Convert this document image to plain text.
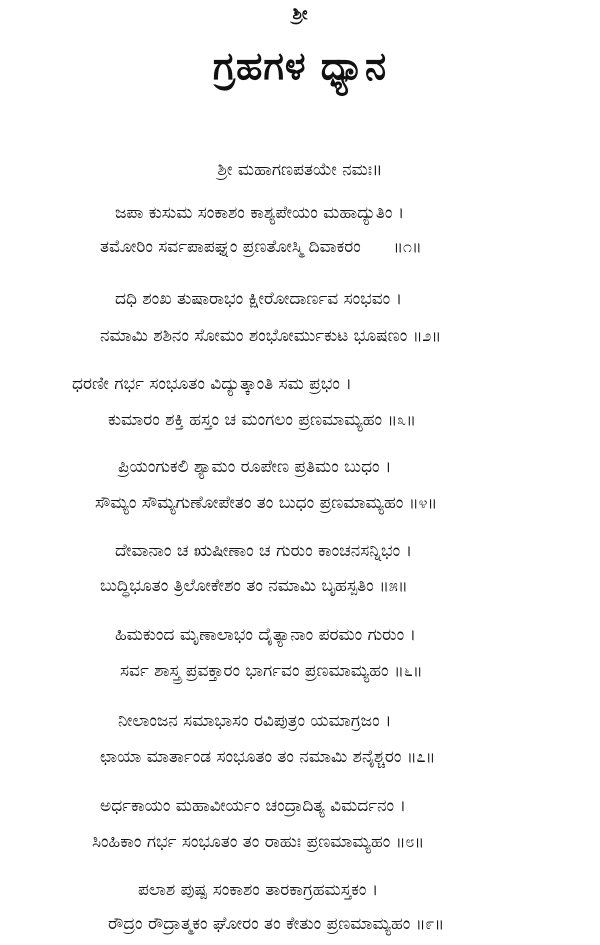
ಶ್ರೀ
ಗ್ರಹಗಳ ಧ್ಯಾನ
ಶ್ರೀ ಮಹಾಗಣಪತಯೇ ನಮಃ॥
ಜಪಾ ಕುಸುಮ ಸಂಕಾಶಂ ಕಾಶ್ಯಪೇಯಂ ಮಹಾದ್ಯುತಿಂ ।
ತಮೋರಿಂ ಸರ್ವಪಾಪಘ್ನಂ ಪ್ರಣತೋಸ್ಮಿ ದಿವಾಕರಂ ॥೧॥
ದಧಿ ಶಂಖ ತುಷಾರಾಭಂ ಕ್ಷೀರೋದಾರ್ಣವ ಸಂಭವಂ ।
ನಮಾಮಿ ಶಶಿನಂ ಸೋಮಂ ಶಂಭೋರ್ಮುಕುಟ ಭೂಷಣಂ ॥೨॥
ಧರಣೀ ಗರ್ಭ ಸಂಭೂತಂ ವಿದ್ಯುತ್ಕಾಂತಿ ಸಮ ಪ್ರಭಂ ।
ಕುಮಾರಂ ಶಕ್ತಿ ಹಸ್ತಂ ಚ ಮಂಗಲಂ ಪ್ರಣಮಾಮ್ಯಹಂ ॥೩॥
ಪ್ರಿಯಂಗುಕಲಿ ಶ್ಯಾಮಂ ರೂಪೇಣ ಪ್ರತಿಮಂ ಬುಧಂ ।
ಸೌಮ್ಯಂ ಸೌಮ್ಯಗುಣೋಪೇತಂ ತಂ ಬುಧಂ ಪ್ರಣಮಾಮ್ಯಹಂ ॥೪॥
ದೇವಾನಾಂ ಚ ಋಷೀಣಾಂ ಚ ಗುರುಂ ಕಾಂಚನಸನ್ನಿಭಂ ।
ಬುದ್ಧಿಭೂತಂ ತ್ರಿಲೋಕೇಶಂ ತಂ ನಮಾಮಿ ಬೃಹಸ್ಪತಿಂ ॥೫॥
ಹಿಮಕುಂದ ಮೃಣಾಲಾಭಂ ದೈತ್ಯಾನಾಂ ಪರಮಂ ಗುರುಂ ।
ಸರ್ವ ಶಾಸ್ತ್ರ ಪ್ರವಕ್ತಾರಂ ಭಾರ್ಗವಂ ಪ್ರಣಮಾಮ್ಯಹಂ ॥೬॥
ನೀಲಾಂಜನ ಸಮಾಭಾಸಂ ರವಿಪುತ್ರಂ ಯಮಾಗ್ರಜಂ ।
ಛಾಯಾ ಮಾರ್ತಾಂಡ ಸಂಭೂತಂ ತಂ ನಮಾಮಿ ಶನೈಶ್ಚರಂ ॥೭॥
ಅರ್ಧಕಾಯಂ ಮಹಾವೀರ್ಯಂ ಚಂದ್ರಾದಿತ್ಯ ವಿಮರ್ದನಂ ।
ಸಿಂಹಿಕಾಂ ಗರ್ಭ ಸಂಭೂತಂ ತಂ ರಾಹುಃ ಪ್ರಣಮಾಮ್ಯಹಂ ॥೮॥
ಪಲಾಶ ಪುಷ್ಪ ಸಂಕಾಶಂ ತಾರಕಾಗ್ರಹಮಸ್ತಕಂ ।
ರೌದ್ರಂ ರೌದ್ರಾತ್ಮಕಂ ಘೋರಂ ತಂ ಕೇತುಂ ಪ್ರಣಮಾಮ್ಯಹಂ ॥೯॥
